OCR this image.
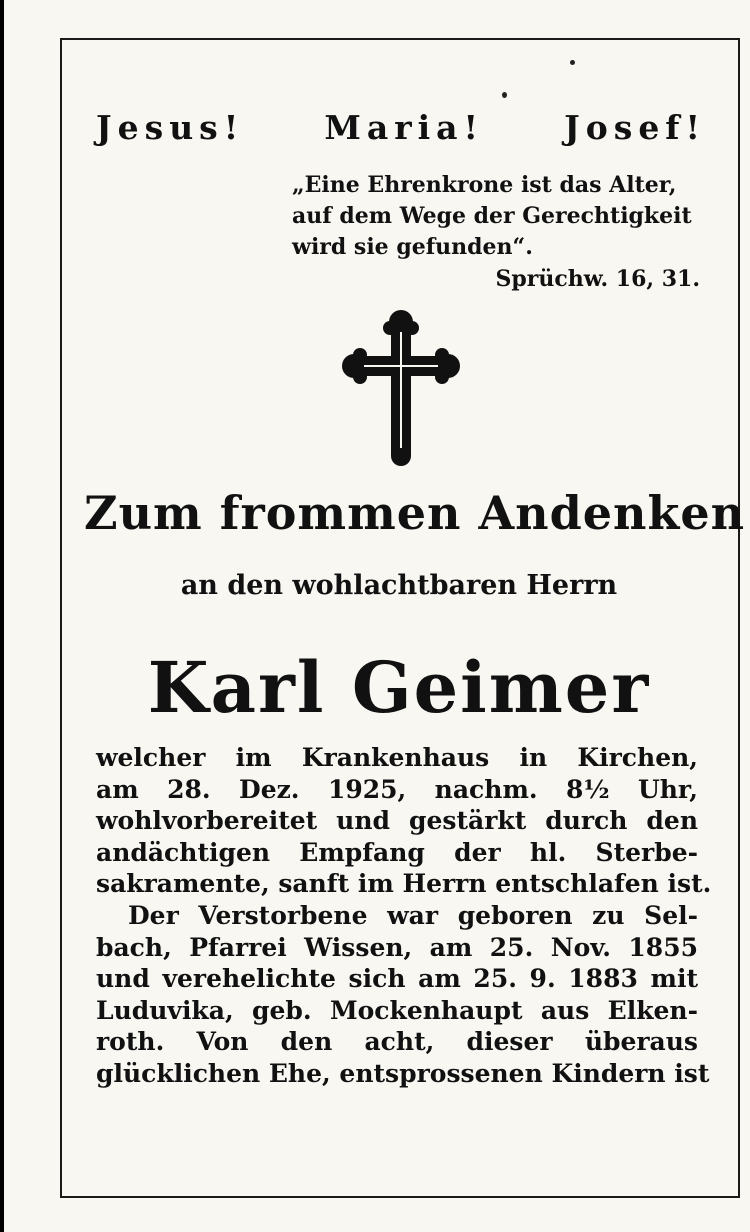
Jesus! Maria! Josef!
„Eine Ehrenkrone ist das Alter,
auf dem Wege der Gerechtigkeit
wird sie gefunden“.
Sprüchw. 16, 31.
Zum frommen Andenken
an den wohlachtbaren Herrn
Karl Geimer
welcher im Krankenhaus in Kirchen,
am 28. Dez. 1925, nachm. 8½ Uhr,
wohlvorbereitet und gestärkt durch den
andächtigen Empfang der hl. Sterbe-
sakramente, sanft im Herrn entschlafen ist.
Der Verstorbene war geboren zu Sel-
bach, Pfarrei Wissen, am 25. Nov. 1855
und verehelichte sich am 25. 9. 1883 mit
Luduvika, geb. Mockenhaupt aus Elken-
roth. Von den acht, dieser überaus
glücklichen Ehe, entsprossenen Kindern ist
